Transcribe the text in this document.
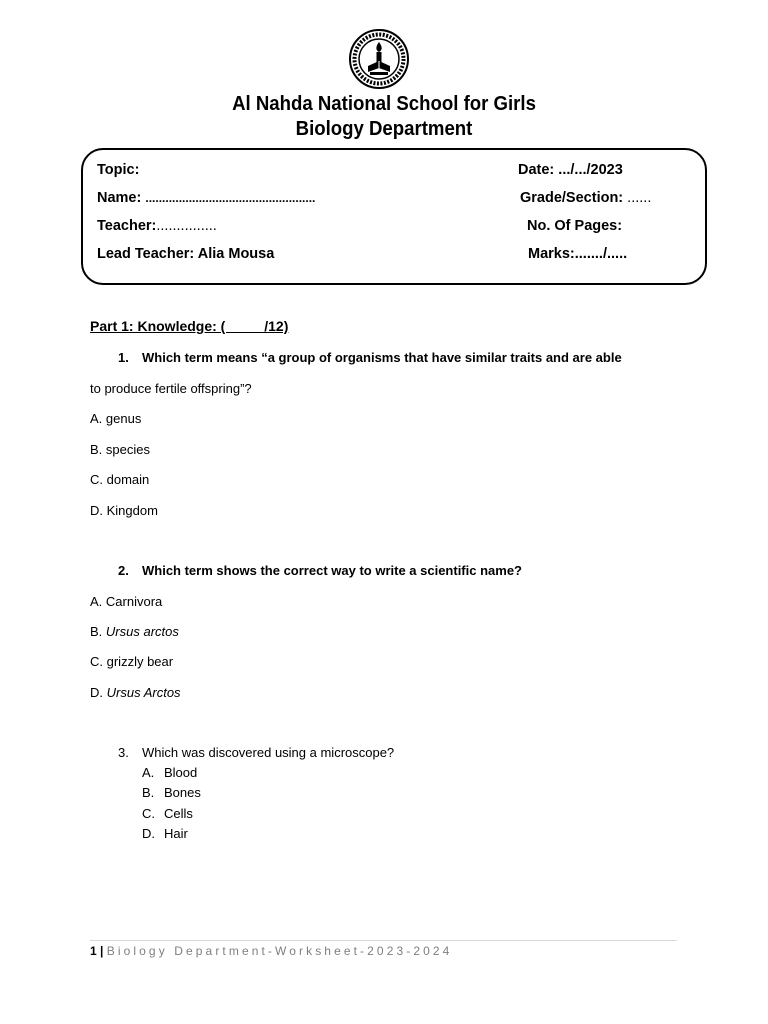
Al Nahda National School for Girls
Biology Department
Topic:	Date: .../.../2023
Name: ...................................................	Grade/Section: ......
Teacher:...............	No. Of Pages:
Lead Teacher: Alia Mousa	Marks:......./.....
Part 1: Knowledge: (          /12)
1. Which term means “a group of organisms that have similar traits and are able
to produce fertile offspring”?
A. genus
B. species
C. domain
D. Kingdom
2. Which term shows the correct way to write a scientific name?
A. Carnivora
B. Ursus arctos
C. grizzly bear
D. Ursus Arctos
3. Which was discovered using a microscope?
A. Blood
B. Bones
C. Cells
D. Hair
1 | Biology Department-Worksheet-2023-2024
